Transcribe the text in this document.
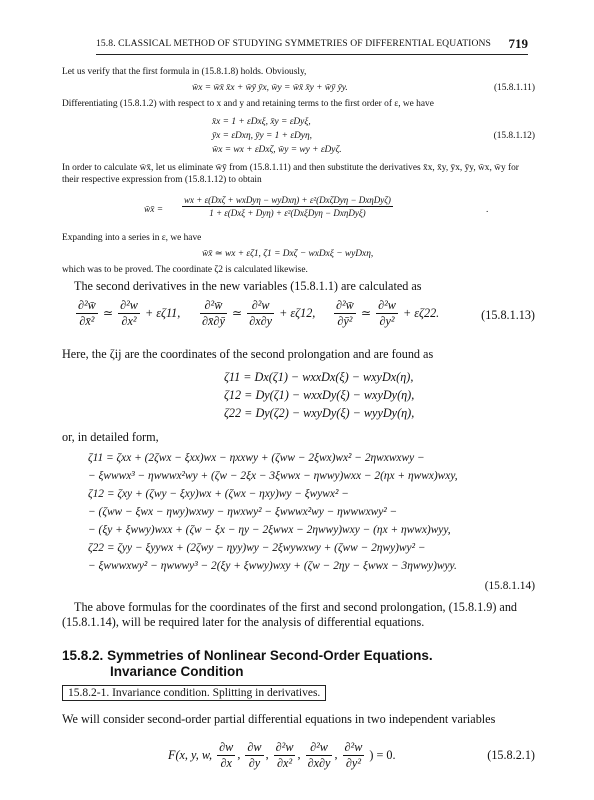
15.8. CLASSICAL METHOD OF STUDYING SYMMETRIES OF DIFFERENTIAL EQUATIONS 719
Let us verify that the first formula in (15.8.1.8) holds. Obviously,
w̄x = w̄x̄ x̄x + w̄ȳ ȳx, w̄y = w̄x̄ x̄y + w̄ȳ ȳy.	(15.8.1.11)
Differentiating (15.8.1.2) with respect to x and y and retaining terms to the first order of ε, we have
x̄x = 1 + εDxξ, x̄y = εDyξ,
ȳx = εDxη, ȳy = 1 + εDyη,
w̄x = wx + εDxζ, w̄y = wy + εDyζ.
(15.8.1.12)
In order to calculate w̄x̄, let us eliminate w̄ȳ from (15.8.1.11) and then substitute the derivatives x̄x, x̄y, ȳx, ȳy, w̄x, w̄y for their respective expression from (15.8.1.12) to obtain
w̄x̄ =
wx + ε(Dxζ + wxDyη − wyDxη) + ε²(DxζDyη − DxηDyζ)
1 + ε(Dxξ + Dyη) + ε²(DxξDyη − DxηDyξ)	.
Expanding into a series in ε, we have
w̄x̄ ≃ wx + εζ1, ζ1 = Dxζ − wxDxξ − wyDxη,
which was to be proved. The coordinate ζ2 is calculated likewise.
The second derivatives in the new variables (15.8.1.1) are calculated as
$\frac{\text{∂²w̄}}{\text{∂x̄²}}$ ≃ $\frac{\text{∂²w}}{\text{∂x²}} + \varepsilon\zeta 11$, $\frac{\text{∂²w̄}}{\partial x̄\partial ȳ}$ ≃ $\frac{\text{∂²w}}{\partial x\partial y} + \varepsilon\zeta 12$, $\frac{\text{∂²w̄}}{\text{∂ȳ²}}$ ≃ $\frac{\text{∂²w}}{\text{∂y²}} + \varepsilon\zeta 22$.	(15.8.1.13)
Here, the ζij are the coordinates of the second prolongation and are found as
ζ11 = Dx(ζ1) − wxxDx(ξ) − wxyDx(η),
ζ12 = Dy(ζ1) − wxxDy(ξ) − wxyDy(η),
ζ22 = Dy(ζ2) − wxyDy(ξ) − wyyDy(η),
or, in detailed form,
ζ11 = ζxx + (2ζwx − ξxx)wx − ηxxwy + (ζww − 2ξwx)wx² − 2ηwxwxwy −
− ξwwwx³ − ηwwwx²wy + (ζw − 2ξx − 3ξwwx − ηwwy)wxx − 2(ηx + ηwwx)wxy,
ζ12 = ζxy + (ζwy − ξxy)wx + (ζwx − ηxy)wy − ξwywx² −
− (ζww − ξwx − ηwy)wxwy − ηwxwy² − ξwwwx²wy − ηwwwxwy² −
− (ξy + ξwwy)wxx + (ζw − ξx − ηy − 2ξwwx − 2ηwwy)wxy − (ηx + ηwwx)wyy,
ζ22 = ζyy − ξyywx + (2ζwy − ηyy)wy − 2ξwywxwy + (ζww − 2ηwy)wy² −
− ξwwwxwy² − ηwwwy³ − 2(ξy + ξwwy)wxy + (ζw − 2ηy − ξwwx − 3ηwwy)wyy.
(15.8.1.14)
The above formulas for the coordinates of the first and second prolongation, (15.8.1.9) and (15.8.1.14), will be required later for the analysis of differential equations.
15.8.2. Symmetries of Nonlinear Second-Order Equations.
Invariance Condition
15.8.2-1. Invariance condition. Splitting in derivatives.
We will consider second-order partial differential equations in two independent variables
F(x, y, w, $\frac{\partial w}{\partial x}$ , $\frac{\partial w}{\partial y}$ , $\frac{\text{∂²w}}{\text{∂x²}}$ , $\frac{\text{∂²w}}{\partial x\partial y}$ , $\frac{\text{∂²w}}{\text{∂y²}}$ ) = 0.	(15.8.2.1)
